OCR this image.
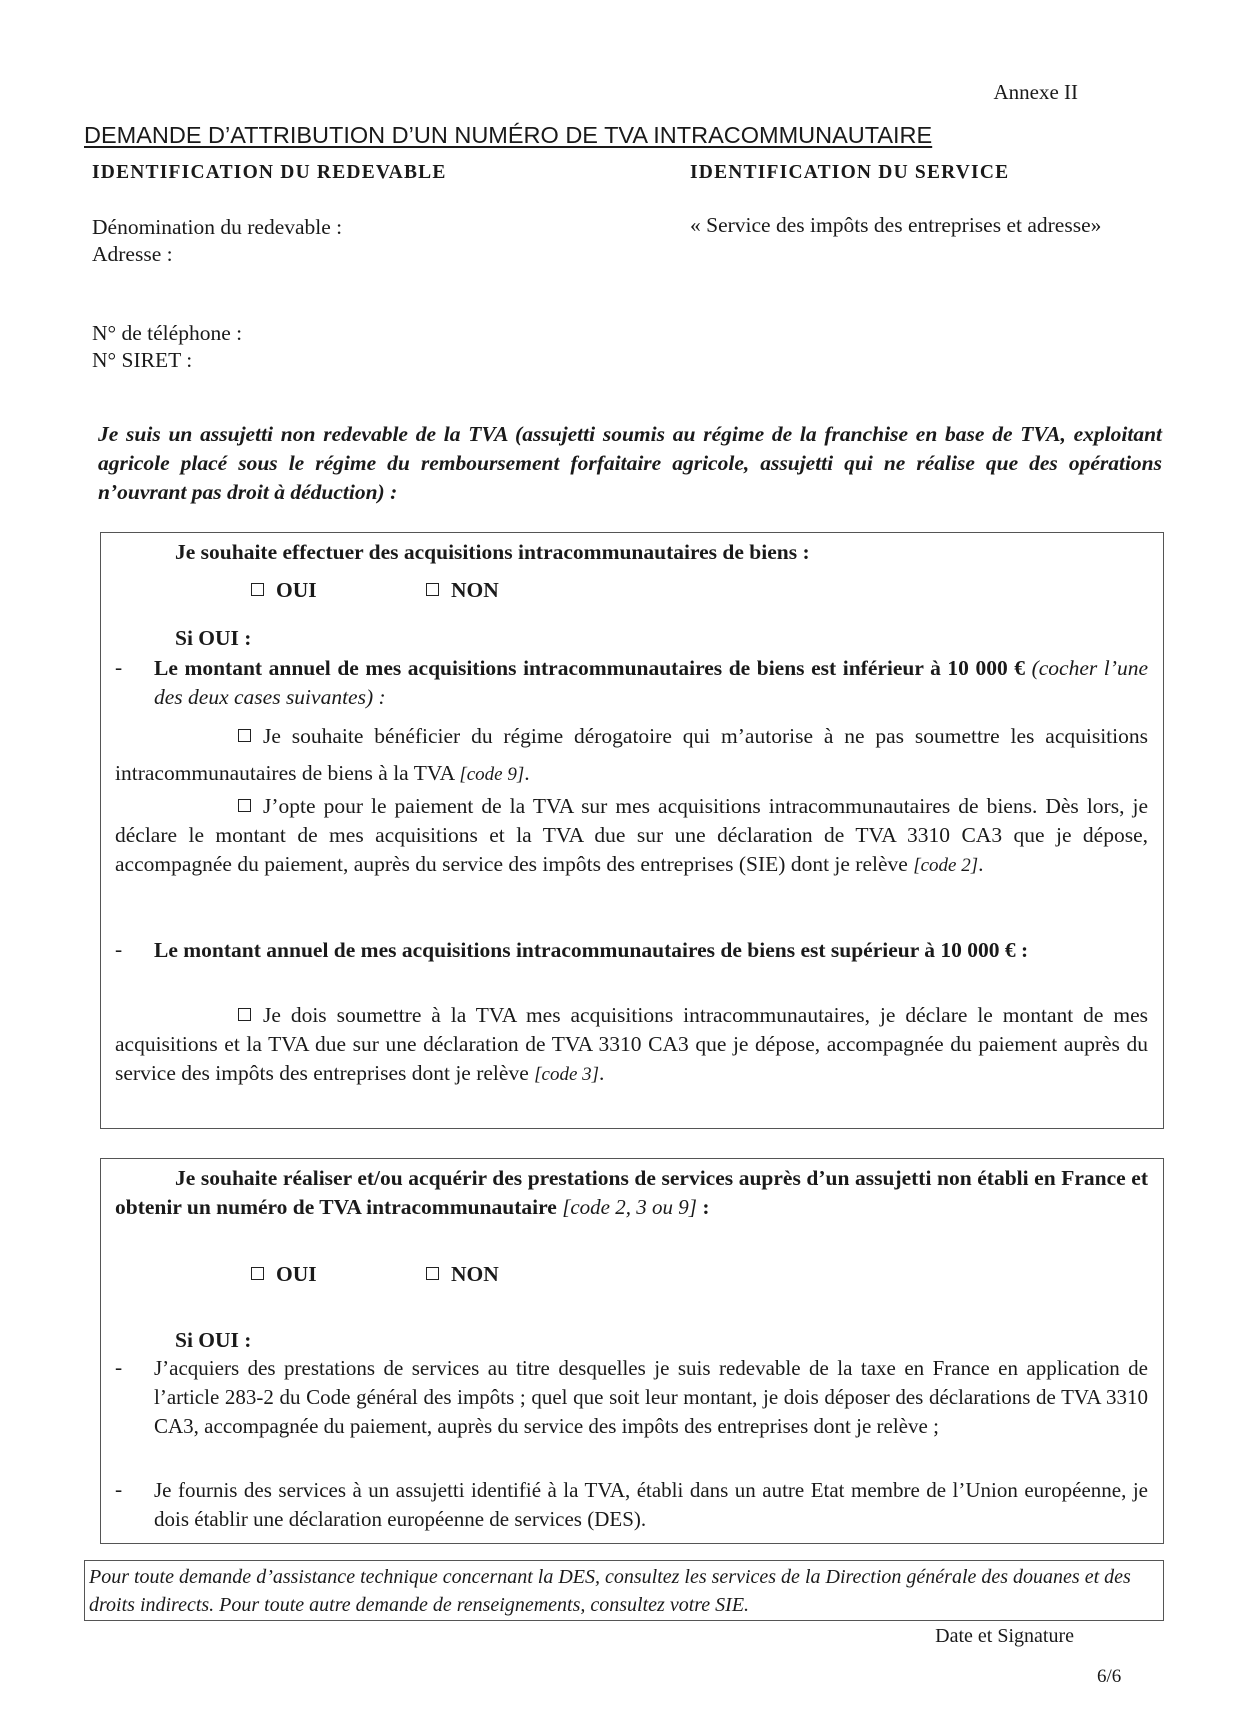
Annexe II
DEMANDE D’ATTRIBUTION D’UN NUMÉRO DE TVA INTRACOMMUNAUTAIRE
IDENTIFICATION DU REDEVABLE	IDENTIFICATION DU SERVICE
Dénomination du redevable :
Adresse :
N° de téléphone :
N° SIRET :
« Service des impôts des entreprises et adresse»
Je suis un assujetti non redevable de la TVA (assujetti soumis au régime de la franchise en base de TVA, exploitant agricole placé sous le régime du remboursement forfaitaire agricole, assujetti qui ne réalise que des opérations n’ouvrant pas droit à déduction) :
Je souhaite effectuer des acquisitions intracommunautaires de biens :
OUI	NON
Si OUI :
- Le montant annuel de mes acquisitions intracommunautaires de biens est inférieur à 10 000 € (cocher l’une des deux cases suivantes) :

Je souhaite bénéficier du régime dérogatoire qui m’autorise à ne pas soumettre les acquisitions intracommunautaires de biens à la TVA [code 9].

J’opte pour le paiement de la TVA sur mes acquisitions intracommunautaires de biens. Dès lors, je déclare le montant de mes acquisitions et la TVA due sur une déclaration de TVA 3310 CA3 que je dépose, accompagnée du paiement, auprès du service des impôts des entreprises (SIE) dont je relève [code 2].

- Le montant annuel de mes acquisitions intracommunautaires de biens est supérieur à 10 000 € :

Je dois soumettre à la TVA mes acquisitions intracommunautaires, je déclare le montant de mes acquisitions et la TVA due sur une déclaration de TVA 3310 CA3 que je dépose, accompagnée du paiement auprès du service des impôts des entreprises dont je relève [code 3].

Je souhaite réaliser et/ou acquérir des prestations de services auprès d’un assujetti non établi en France et obtenir un numéro de TVA intracommunautaire [code 2, 3 ou 9] :

OUI	NON
Si OUI :
- J’acquiers des prestations de services au titre desquelles je suis redevable de la taxe en France en application de l’article 283-2 du Code général des impôts ; quel que soit leur montant, je dois déposer des déclarations de TVA 3310 CA3, accompagnée du paiement, auprès du service des impôts des entreprises dont je relève ;
- Je fournis des services à un assujetti identifié à la TVA, établi dans un autre Etat membre de l’Union européenne, je dois établir une déclaration européenne de services (DES).
Pour toute demande d’assistance technique concernant la DES, consultez les services de la Direction générale des douanes et des droits indirects. Pour toute autre demande de renseignements, consultez votre SIE.
Date et Signature
6/6
